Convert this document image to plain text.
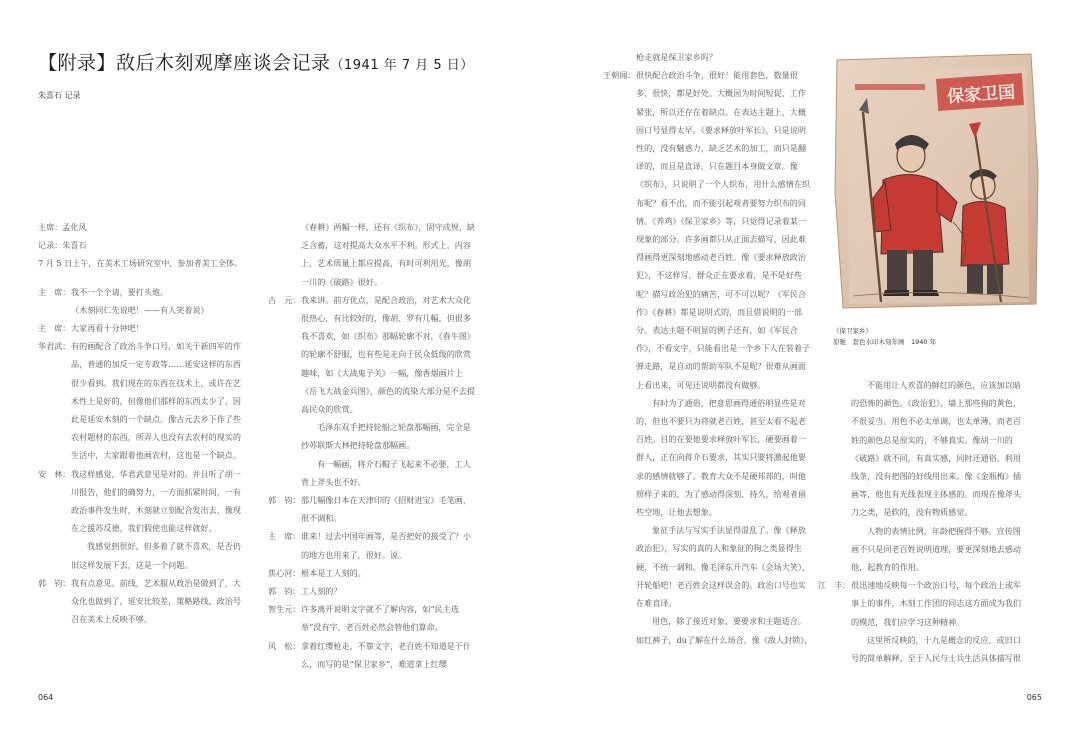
【附录】敌后木刻观摩座谈会记录（1941 年 7 月 5 日）
朱喜石 记录

主席：孟化风

记录：朱喜石

7 月 5 日上午，在美术工场研究室中，参加者美工全体。

主　席： 我不一个个请，要打头炮。
（木刻同仁先说吧！——有人笑着说）
主　席： 大家再看十分钟吧！
华君武： 有的画配合了政治斗争口号，如关于新四军的作品，普通的加反一定专政等……延安这样的东西很少看到。我们现在的东西在技术上，或许在艺术性上是好的，但像他们那样的东西太少了，因此是延安木刻的一个缺点。像古元去乡下作了些农村题材的东西，所弄人也没有去农村的现实的生活中，大家跟着他画农村，这也是一个缺点。
安　林： 我这样感觉，华君武意见是对的。并且听了胡一川报告，他们的确努力，一方面抓紧时间，一有政治事件发生时，木刻就立刻配合发出去，像现在之援苏反德，我们假使也能这样就好。
我感觉到很好，但多着了就不喜欢，是否仍旧这样发展下去，这是一个问题。
郭　钧： 我有点意见。前线，艺术服从政治是做到了，大众化也做到了，延安比较差，策略路线、政治号召在美术上反映不够。
《春耕》两幅一样，还有《织布》，固守成规，缺乏含蓄，这对提高大众水平不利。形式上，内容上，艺术质量上都应提高，有时可利用光，像胡一川的《破路》很好。
古　元： 我来讲。前方优点，是配合政治，对艺术大众化很热心，有比较好的，像胡、罗有几幅，但很多我不喜欢，如《织布》那幅轮廓不对，《春牛图》的轮廓不舒服，也有些是走向于民众低级的欣赏趣味，如《大战鬼子关》一幅，像香烟画片上《岳飞大战金兵图》，颜色的流染大部分是不去提高民众的欣赏。
毛泽东双手把持轮船之轮盘那幅画，完全是抄苏联斯大林把持轮盘那幅画。
有一幅画，将介石帽子飞起来不必要，工人背上斧头也不好。
郭　钧： 那几幅像日本在天津印的《招财进宝》毛笔画，很不调和。
主　席： 谁来！过去中国年画等，是否把好的接受了？小的地方也用来了，很好。说。
焦心河： 根本是工人刻的。
郭　钧： 工人刻的？
智生元： 许多离开说明文字就不了解内容，如“民主选举”没有字，老百姓必然会替他们算命。
风　松： 拿着红缨枪走，不靠文字，老百姓不知道是干什么，而写的是“保卫家乡”，难道拿上红缨
064
枪走就是保卫家乡吗？
王朝闻： 很快配合政治斗争，很好！能用套色，数量很多，很快，都是好处。大概因为时间短促、工作紧张，所以还存在着缺点。在表达主题上，大概因口号显得太早。《要求释放叶军长》，只是说明性的，没有魅惑力，缺乏艺术的加工，而只是翻译的，而且是直译，只在题目本身做文章。像《织布》，只说明了一个人织布，用什么感情在织布呢？看不出，而不能引起观者要努力织布的同情。《养鸡》《保卫家乡》等，只觉得记录着某一现象的部分。许多画都只从正面去描写，因此难得画得更深刻地感动老百姓。像《要求释放政治犯》，不这样写，群众正在要求着，是不是好些呢？描写政治犯的痛苦，可不可以呢？《军民合作》《春耕》都是说明式的，而且借说明的一部分。表达主题不明显的例子还有，如《军民合作》，不看文字，只能看出是一个乡下人在装着子弹走路，是自动的帮助军队不是呢？很难从画面上看出来，可见还说明都没有做够。
有时为了通俗，把意思画得通俗明显些是对的，但也不要只为将就老百姓，甚至太看不起老百姓。目的在要他要求释放叶军长，硬要画着一群人，正在向蒋介石要求，其实只要将激起他要求的感情就够了。教育大众不是硬邦邦的，叫他照样子来的，为了感动得深刻、持久，给观者留些空地，让他去想象。
象征手法与写实手法显得混乱了。像《释放政治犯》，写实的真的人和象征的狗之类显得生硬，不统一调和。像毛泽东开汽车（会场大笑），开轮船吧！老百姓会这样误会的。政治口号也实在难直译。
用色，除了接近对象、要要求和主题适合。如红裤子，du了解在什么场合。像《敌人封锁》，
保家卫国
《保卫家乡》
原驰　套色水印木刻年画　1940 年
不能用让人欢喜的鲜红的颜色，应该加以暗的恐怖的颜色。《政治犯》，墙上那些狗的黄色，不很妥当。用色不必太单调，也太单薄，而老百姓的颜色总是原实的，不够真实。像胡一川的《破路》就不同，有真实感，同时还通俗。利用线条，没有把图的好线用出来。像《金瓶梅》插画等，他也有光线表现主体感的。而现在像斧头刀之类，是软的，没有物质感觉。
人物的表情比例，年龄把握得不够。宣传图画不只是同老百姓说明道理，要更深刻地去感动他，起教育的作用。
江　丰： 很迅速地反映每一个政治口号，每个政治上或军事上的事件，木刻工作团的同志这方面成为我们的模范，我们应学习这种精神。
这里所反映的，十九是概念的反应、或旧口号的简单解释，至于人民与士兵生活具体描写很
065
